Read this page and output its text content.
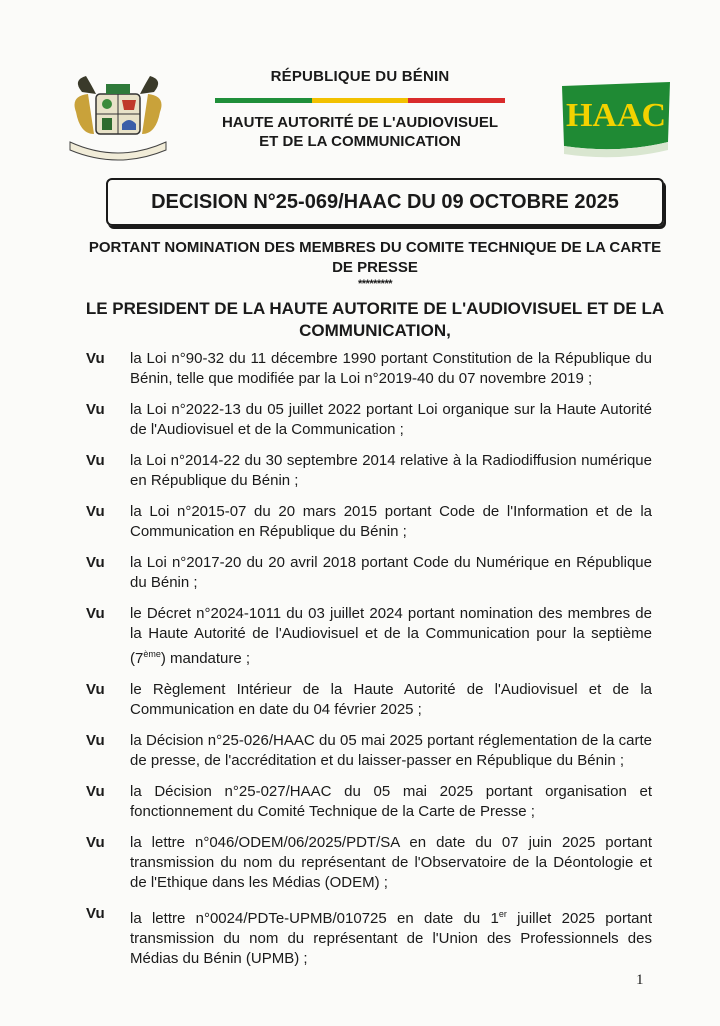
RÉPUBLIQUE DU BÉNIN
HAUTE AUTORITÉ DE L'AUDIOVISUEL
ET DE LA COMMUNICATION
HAAC
DECISION N°25-069/HAAC DU 09 OCTOBRE 2025
PORTANT NOMINATION DES MEMBRES DU COMITE TECHNIQUE DE LA CARTE
DE PRESSE
*********
LE PRESIDENT DE LA HAUTE AUTORITE DE L'AUDIOVISUEL ET DE LA
COMMUNICATION,
Vu	la Loi n°90-32 du 11 décembre 1990 portant Constitution de la République du Bénin, telle que modifiée par la Loi n°2019-40 du 07 novembre 2019 ;
Vu	la Loi n°2022-13 du 05 juillet 2022 portant Loi organique sur la Haute Autorité de l'Audiovisuel et de la Communication ;
Vu	la Loi n°2014-22 du 30 septembre 2014 relative à la Radiodiffusion numérique en République du Bénin ;
Vu	la Loi n°2015-07 du 20 mars 2015 portant Code de l'Information et de la Communication en République du Bénin ;
Vu	la Loi n°2017-20 du 20 avril 2018 portant Code du Numérique en République du Bénin ;
Vu	le Décret n°2024-1011 du 03 juillet 2024 portant nomination des membres de la Haute Autorité de l'Audiovisuel et de la Communication pour la septième (7ème) mandature ;
Vu	le Règlement Intérieur de la Haute Autorité de l'Audiovisuel et de la Communication en date du 04 février 2025 ;
Vu	la Décision n°25-026/HAAC du 05 mai 2025 portant réglementation de la carte de presse, de l'accréditation et du laisser-passer en République du Bénin ;
Vu	la Décision n°25-027/HAAC du 05 mai 2025 portant organisation et fonctionnement du Comité Technique de la Carte de Presse ;
Vu	la lettre n°046/ODEM/06/2025/PDT/SA en date du 07 juin 2025 portant transmission du nom du représentant de l'Observatoire de la Déontologie et de l'Ethique dans les Médias (ODEM) ;
Vu	la lettre n°0024/PDTe-UPMB/010725 en date du 1er juillet 2025 portant transmission du nom du représentant de l'Union des Professionnels des Médias du Bénin (UPMB) ;
1
